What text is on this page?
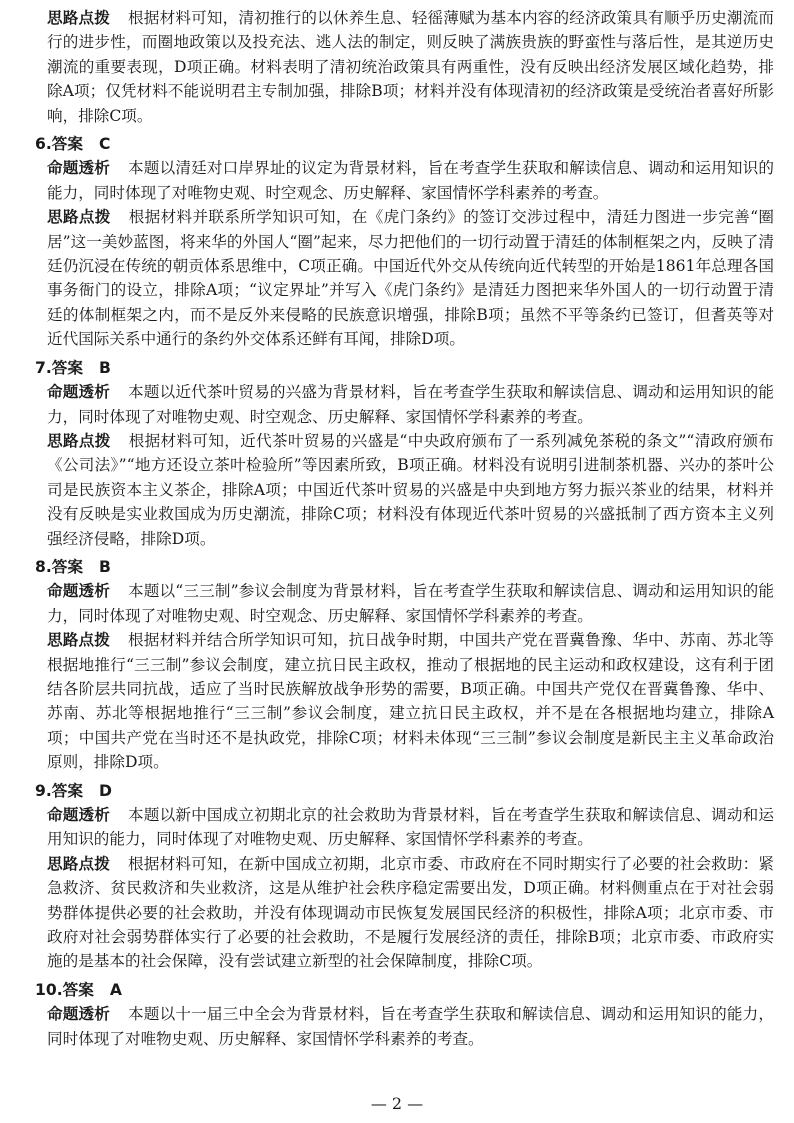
思路点拨 根据材料可知，清初推行的以休养生息、轻徭薄赋为基本内容的经济政策具有顺乎历史潮流而行的进步性，而圈地政策以及投充法、逃人法的制定，则反映了满族贵族的野蛮性与落后性，是其逆历史潮流的重要表现，D项正确。材料表明了清初统治政策具有两重性，没有反映出经济发展区域化趋势，排除A项；仅凭材料不能说明君主专制加强，排除B项；材料并没有体现清初的经济政策是受统治者喜好所影响，排除C项。

6.答案 C

命题透析 本题以清廷对口岸界址的议定为背景材料，旨在考查学生获取和解读信息、调动和运用知识的能力，同时体现了对唯物史观、时空观念、历史解释、家国情怀学科素养的考查。

思路点拨 根据材料并联系所学知识可知，在《虎门条约》的签订交涉过程中，清廷力图进一步完善“圈居”这一美妙蓝图，将来华的外国人“圈”起来，尽力把他们的一切行动置于清廷的体制框架之内，反映了清廷仍沉浸在传统的朝贡体系思维中，C项正确。中国近代外交从传统向近代转型的开始是1861年总理各国事务衙门的设立，排除A项；“议定界址”并写入《虎门条约》是清廷力图把来华外国人的一切行动置于清廷的体制框架之内，而不是反外来侵略的民族意识增强，排除B项；虽然不平等条约已签订，但耆英等对近代国际关系中通行的条约外交体系还鲜有耳闻，排除D项。

7.答案 B

命题透析 本题以近代茶叶贸易的兴盛为背景材料，旨在考查学生获取和解读信息、调动和运用知识的能力，同时体现了对唯物史观、时空观念、历史解释、家国情怀学科素养的考查。

思路点拨 根据材料可知，近代茶叶贸易的兴盛是“中央政府颁布了一系列减免茶税的条文”“清政府颁布《公司法》”“地方还设立茶叶检验所”等因素所致，B项正确。材料没有说明引进制茶机器、兴办的茶叶公司是民族资本主义茶企，排除A项；中国近代茶叶贸易的兴盛是中央到地方努力振兴茶业的结果，材料并没有反映是实业救国成为历史潮流，排除C项；材料没有体现近代茶叶贸易的兴盛抵制了西方资本主义列强经济侵略，排除D项。

8.答案 B

命题透析 本题以“三三制”参议会制度为背景材料，旨在考查学生获取和解读信息、调动和运用知识的能力，同时体现了对唯物史观、时空观念、历史解释、家国情怀学科素养的考查。

思路点拨 根据材料并结合所学知识可知，抗日战争时期，中国共产党在晋冀鲁豫、华中、苏南、苏北等根据地推行“三三制”参议会制度，建立抗日民主政权，推动了根据地的民主运动和政权建设，这有利于团结各阶层共同抗战，适应了当时民族解放战争形势的需要，B项正确。中国共产党仅在晋冀鲁豫、华中、苏南、苏北等根据地推行“三三制”参议会制度，建立抗日民主政权，并不是在各根据地均建立，排除A项；中国共产党在当时还不是执政党，排除C项；材料未体现“三三制”参议会制度是新民主主义革命政治原则，排除D项。

9.答案 D

命题透析 本题以新中国成立初期北京的社会救助为背景材料，旨在考查学生获取和解读信息、调动和运用知识的能力，同时体现了对唯物史观、历史解释、家国情怀学科素养的考查。

思路点拨 根据材料可知，在新中国成立初期，北京市委、市政府在不同时期实行了必要的社会救助：紧急救济、贫民救济和失业救济，这是从维护社会秩序稳定需要出发，D项正确。材料侧重点在于对社会弱势群体提供必要的社会救助，并没有体现调动市民恢复发展国民经济的积极性，排除A项；北京市委、市政府对社会弱势群体实行了必要的社会救助，不是履行发展经济的责任，排除B项；北京市委、市政府实施的是基本的社会保障，没有尝试建立新型的社会保障制度，排除C项。

10.答案 A

命题透析 本题以十一届三中全会为背景材料，旨在考查学生获取和解读信息、调动和运用知识的能力，同时体现了对唯物史观、历史解释、家国情怀学科素养的考查。

— 2 —
